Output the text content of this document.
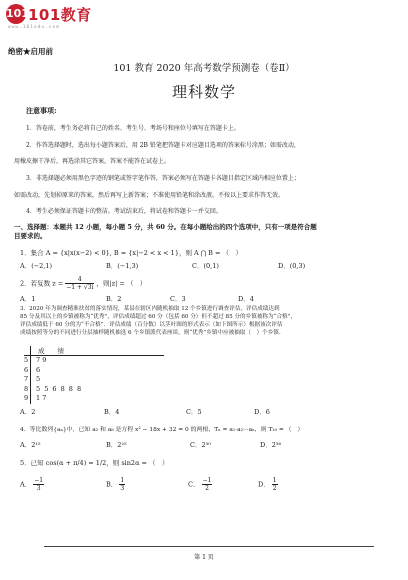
101 101教育
www.101edu.com
绝密★启用前
101 教育 2020 年高考数学预测卷（卷Ⅱ）
理科数学
注意事项:
1．答卷前，考生务必将自己的姓名、考生号、考场号和座位号填写在答题卡上。
2．作答选择题时，选出每小题答案后，用 2B 铅笔把答题卡对应题目选项的答案标号涂黑；如需改动，
用橡皮擦干净后，再选涂其它答案，答案不能答在试卷上。
3．非选择题必须用黑色字迹的钢笔或签字笔作答，答案必须写在答题卡各题目指定区域内相应位置上；
如需改动，先划掉原来的答案，然后再写上新答案；不准使用铅笔和涂改液。不按以上要求作答无效。
4．考生必须保证答题卡的整洁。考试结束后，将试卷和答题卡一并交回。
一、选择题：本题共 12 小题，每小题 5 分，共 60 分。在每小题给出的四个选项中，只有一项是符合题
目要求的。
1．集合 A = {x|x(x−2) < 0}, B = {x|−2 < x < 1}，则 A ⋂ B = （　）
A．(−2,1)	B．(−1,3)	C．(0,1)	D．(0,3)
2．若复数 $z = \frac{4}{-1 + √3i}$ ，则|z| = （　）
A．1	B．2	C．3	D．4
3．2020 年为调查精准扶贫的落实情况，某县在辖区内随机抽取 12 个乡镇进行调查评估，评估成绩达到
85 分及其以上的乡镇被称为“优秀”，评估成绩超过 60 分（包括 60 分）但不超过 85 分的乡镇被称为“合格”，
评估成绩低于 60 分的为“不合格”．评估成绩（百分数）以茎叶图的形式表示（如下图所示）根据该次评估
成绩按照等分的不同进行分层抽样随机抽选 6 个乡镇派代表座谈，则“优秀”乡镇中应被抽取（　）个乡镇.
成　　绩
5 7 9
6 6
7 5
8 5 5 6 8 8 8
9 1 7
A．2	B．4	C．5	D．6
4．等比数列{aₙ}中，已知 a₂ 和 a₈ 是方程 x² − 18x + 32 = 0 的两根，Tₙ = a₁·a₂···aₙ，则 T₁₀ = （　）
A．2¹⁵	B．2²⁵	C．2³⁰	D．2³⁶
5．已知 cos(α + π/4) = 1/2，则 sin2α = （　）
A． $\frac{-1}{3}$	B． $\frac{1}{3}$	C． $\frac{-1}{2}$	D． $\frac{1}{2}$
第 1 页
